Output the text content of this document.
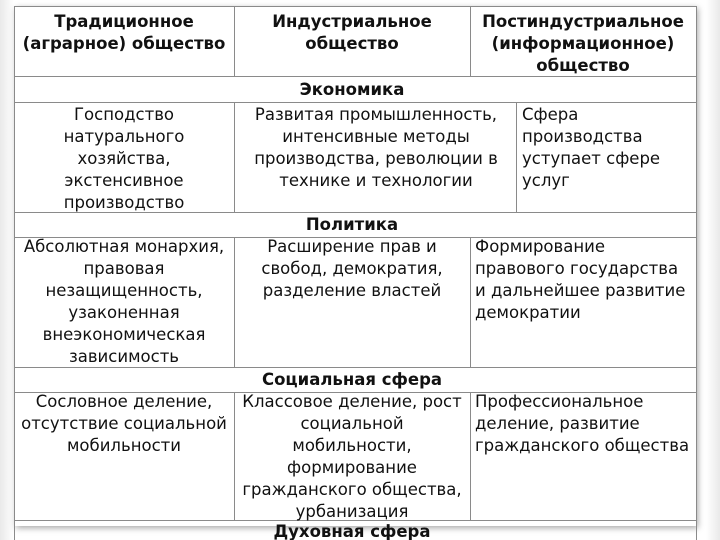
Традиционное
(аграрное) общество
Индустриальное
общество
Постиндустриальное
(информационное)
общество
Экономика
Господство
натурального
хозяйства,
экстенсивное
производство
Развитая промышленность,
интенсивные методы
производства, революции в
технике и технологии
Сфера
производства
уступает сфере
услуг
Политика
Абсолютная монархия,
правовая
незащищенность,
узаконенная
внеэкономическая
зависимость
Расширение прав и
свобод, демократия,
разделение властей
Формирование
правового государства
и дальнейшее развитие
демократии
Социальная сфера
Сословное деление,
отсутствие социальной
мобильности
Классовое деление, рост
социальной
мобильности,
формирование
гражданского общества,
урбанизация
Профессиональное
деление, развитие
гражданского общества
Духовная сфера
